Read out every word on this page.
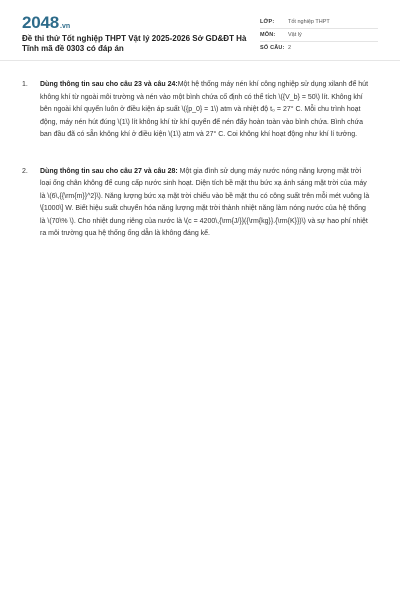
2048 .vn
Đề thi thử Tốt nghiệp THPT Vật lý 2025-2026 Sở GD&ĐT Hà Tĩnh mã đề 0303 có đáp án
LỚP:	Tốt nghiệp THPT
MÔN:	Vật lý
SỐ CÂU: 2
1.	Dùng thông tin sau cho câu 23 và câu 24:Một hệ thống máy nén khí công nghiệp sử dụng xilanh để hút không khí từ ngoài môi trường và nén vào một bình chứa cố định có thể tích \({V_b} = 50\) lít. Không khí bên ngoài khí quyển luôn ở điều kiện áp suất \({p_0} = 1\) atm và nhiệt độ t₀ = 27° C. Mỗi chu trình hoạt động, máy nén hút đúng \(1\) lít không khí từ khí quyển để nén đẩy hoàn toàn vào bình chứa. Bình chứa ban đầu đã có sẵn không khí ở điều kiện \(1\) atm và 27° C. Coi không khí hoạt động như khí lí tưởng.
2.	Dùng thông tin sau cho câu 27 và câu 28: Một gia đình sử dụng máy nước nóng năng lượng mặt trời loại ống chân không để cung cấp nước sinh hoạt. Diện tích bề mặt thu bức xạ ánh sáng mặt trời của máy là \(6\,{{\rm{m}}^2}\). Năng lượng bức xạ mặt trời chiếu vào bề mặt thu có công suất trên mỗi mét vuông là \[1000\] W. Biết hiệu suất chuyển hóa năng lượng mặt trời thành nhiệt năng làm nóng nước của hệ thống là \(70\% \). Cho nhiệt dung riêng của nước là \(c = 4200\,{\rm{J/}}({\rm{kg}}.{\rm{K}})\) và sự hao phí nhiệt ra môi trường qua hệ thống ống dẫn là không đáng kể.
